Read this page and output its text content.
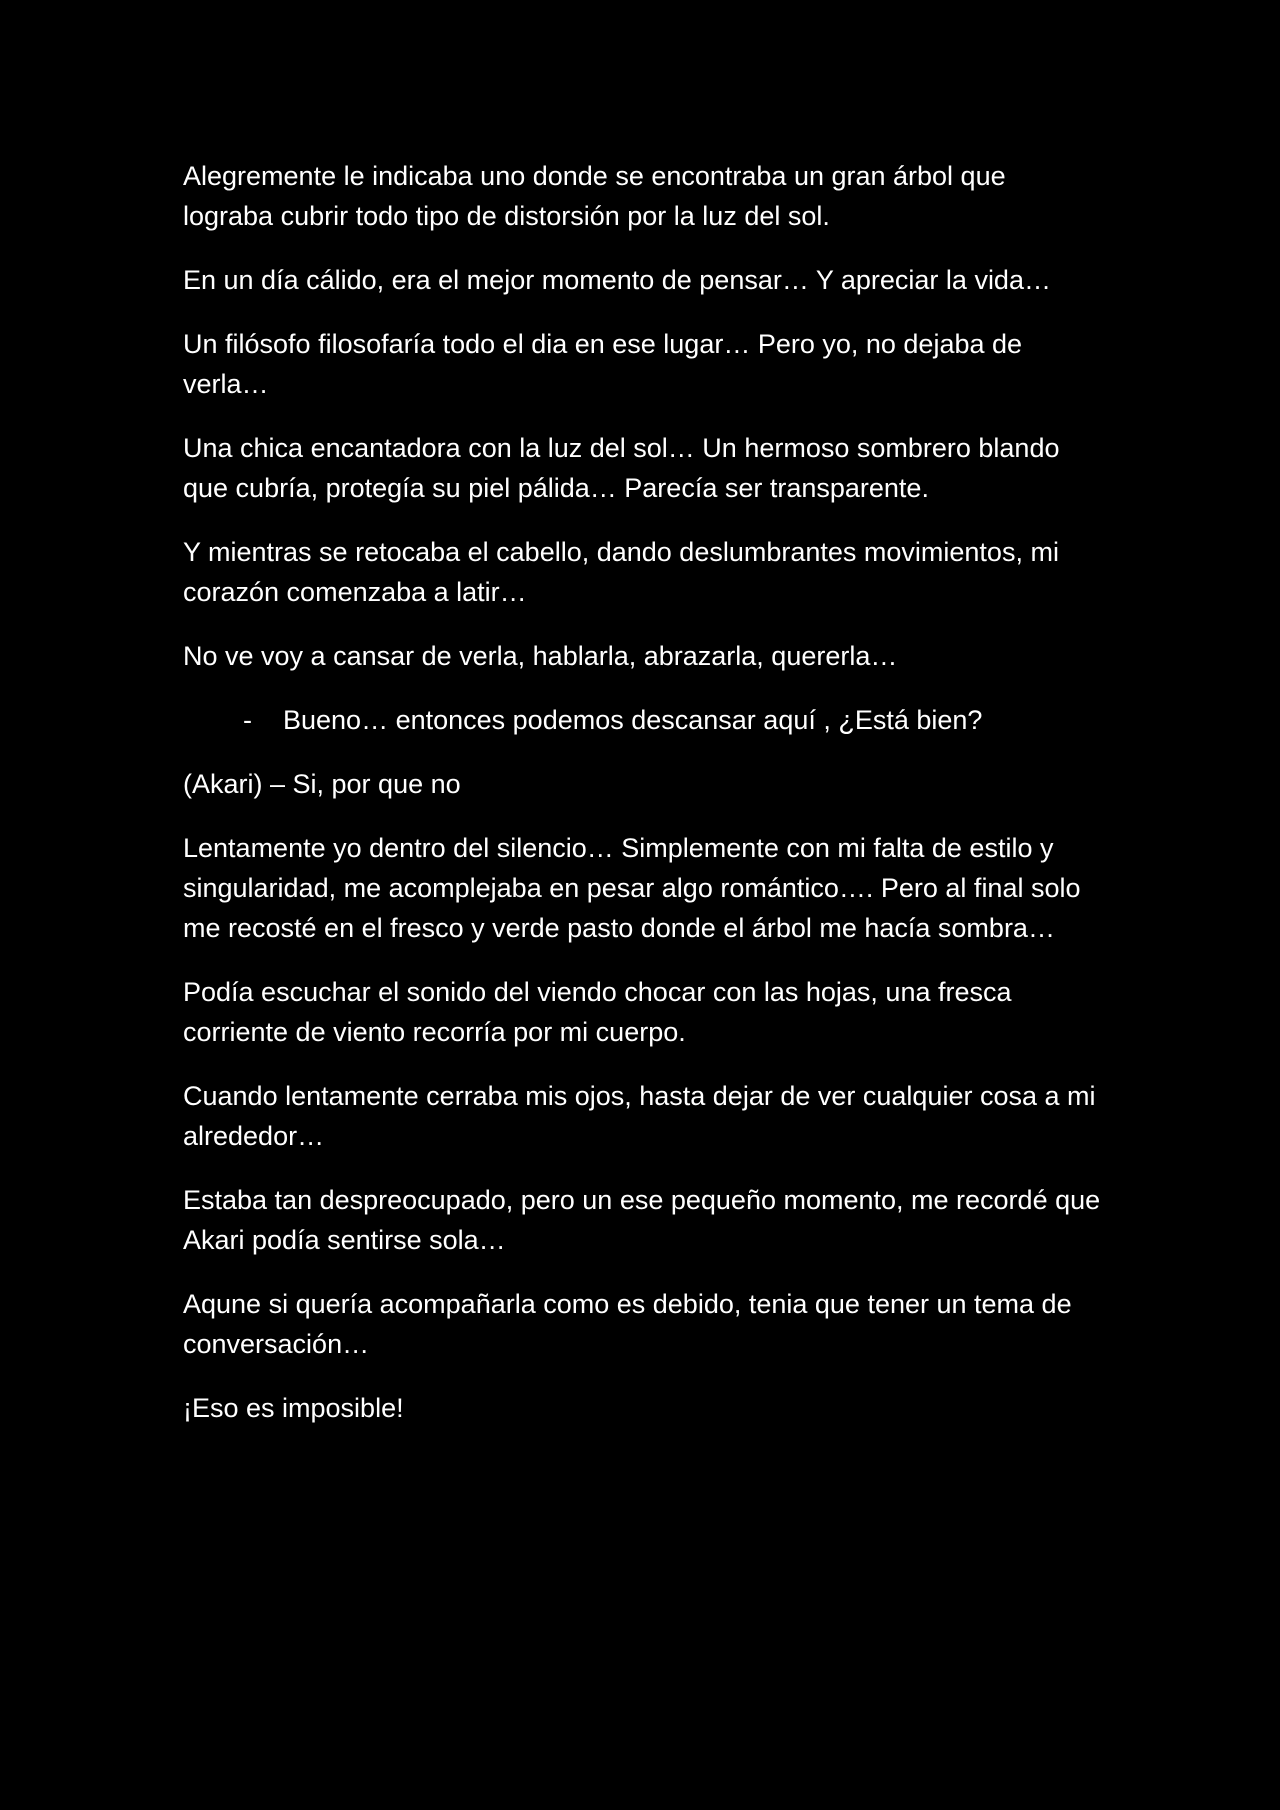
Alegremente le indicaba uno donde se encontraba un gran árbol que lograba cubrir todo tipo de distorsión por la luz del sol.

En un día cálido, era el mejor momento de pensar… Y apreciar la vida…

Un filósofo filosofaría todo el dia en ese lugar… Pero yo, no dejaba de verla…

Una chica encantadora con la luz del sol… Un hermoso sombrero blando que cubría, protegía su piel pálida… Parecía ser transparente.

Y mientras se retocaba el cabello, dando deslumbrantes movimientos, mi corazón comenzaba a latir…

No ve voy a cansar de verla, hablarla, abrazarla, quererla…

- Bueno… entonces podemos descansar aquí , ¿Está bien?

(Akari) – Si, por que no

Lentamente yo dentro del silencio… Simplemente con mi falta de estilo y singularidad, me acomplejaba en pesar algo romántico…. Pero al final solo me recosté en el fresco y verde pasto donde el árbol me hacía sombra…

Podía escuchar el sonido del viendo chocar con las hojas, una fresca corriente de viento recorría por mi cuerpo.

Cuando lentamente cerraba mis ojos, hasta dejar de ver cualquier cosa a mi alrededor…

Estaba tan despreocupado, pero un ese pequeño momento, me recordé que Akari podía sentirse sola…

Aqune si quería acompañarla como es debido, tenia que tener un tema de conversación…

¡Eso es imposible!
